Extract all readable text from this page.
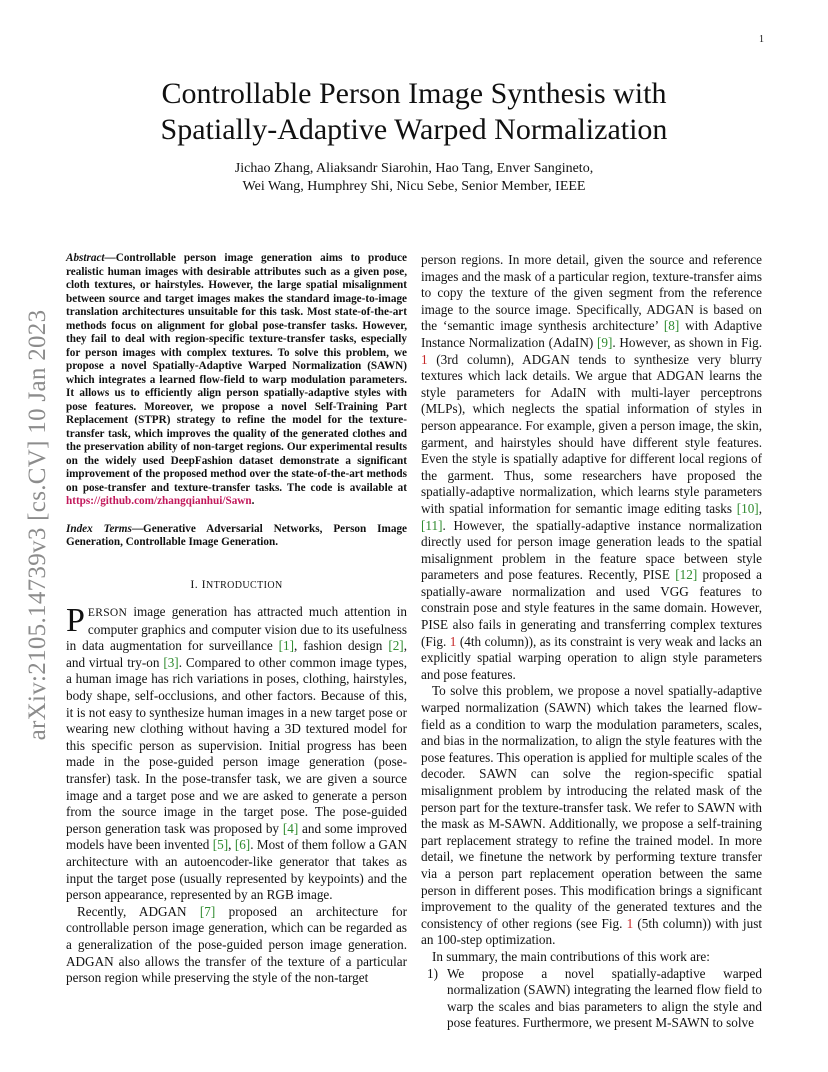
1
arXiv:2105.14739v3 [cs.CV] 10 Jan 2023
Controllable Person Image Synthesis with
Spatially-Adaptive Warped Normalization
Jichao Zhang, Aliaksandr Siarohin, Hao Tang, Enver Sangineto,
Wei Wang, Humphrey Shi, Nicu Sebe, Senior Member, IEEE

Abstract—Controllable person image generation aims to produce realistic human images with desirable attributes such as a given pose, cloth textures, or hairstyles. However, the large spatial misalignment between source and target images makes the standard image-to-image translation architectures unsuitable for this task. Most state-of-the-art methods focus on alignment for global pose-transfer tasks. However, they fail to deal with region-specific texture-transfer tasks, especially for person images with complex textures. To solve this problem, we propose a novel Spatially-Adaptive Warped Normalization (SAWN) which integrates a learned flow-field to warp modulation parameters. It allows us to efficiently align person spatially-adaptive styles with pose features. Moreover, we propose a novel Self-Training Part Replacement (STPR) strategy to refine the model for the texture-transfer task, which improves the quality of the generated clothes and the preservation ability of non-target regions. Our experimental results on the widely used DeepFashion dataset demonstrate a significant improvement of the proposed method over the state-of-the-art methods on pose-transfer and texture-transfer tasks. The code is available at https://github.com/zhangqianhui/Sawn.

Index Terms—Generative Adversarial Networks, Person Image Generation, Controllable Image Generation.

I. INTRODUCTION

PERSON image generation has attracted much attention in computer graphics and computer vision due to its usefulness in data augmentation for surveillance [1], fashion design [2], and virtual try-on [3]. Compared to other common image types, a human image has rich variations in poses, clothing, hairstyles, body shape, self-occlusions, and other factors. Because of this, it is not easy to synthesize human images in a new target pose or wearing new clothing without having a 3D textured model for this specific person as supervision. Initial progress has been made in the pose-guided person image generation (pose-transfer) task. In the pose-transfer task, we are given a source image and a target pose and we are asked to generate a person from the source image in the target pose. The pose-guided person generation task was proposed by [4] and some improved models have been invented [5], [6]. Most of them follow a GAN architecture with an autoencoder-like generator that takes as input the target pose (usually represented by keypoints) and the person appearance, represented by an RGB image.

Recently, ADGAN [7] proposed an architecture for controllable person image generation, which can be regarded as a generalization of the pose-guided person image generation. ADGAN also allows the transfer of the texture of a particular person region while preserving the style of the non-target

person regions. In more detail, given the source and reference images and the mask of a particular region, texture-transfer aims to copy the texture of the given segment from the reference image to the source image. Specifically, ADGAN is based on the ‘semantic image synthesis architecture’ [8] with Adaptive Instance Normalization (AdaIN) [9]. However, as shown in Fig. 1 (3rd column), ADGAN tends to synthesize very blurry textures which lack details. We argue that ADGAN learns the style parameters for AdaIN with multi-layer perceptrons (MLPs), which neglects the spatial information of styles in person appearance. For example, given a person image, the skin, garment, and hairstyles should have different style features. Even the style is spatially adaptive for different local regions of the garment. Thus, some researchers have proposed the spatially-adaptive normalization, which learns style parameters with spatial information for semantic image editing tasks [10], [11]. However, the spatially-adaptive instance normalization directly used for person image generation leads to the spatial misalignment problem in the feature space between style parameters and pose features. Recently, PISE [12] proposed a spatially-aware normalization and used VGG features to constrain pose and style features in the same domain. However, PISE also fails in generating and transferring complex textures (Fig. 1 (4th column)), as its constraint is very weak and lacks an explicitly spatial warping operation to align style parameters and pose features.

To solve this problem, we propose a novel spatially-adaptive warped normalization (SAWN) which takes the learned flow-field as a condition to warp the modulation parameters, scales, and bias in the normalization, to align the style features with the pose features. This operation is applied for multiple scales of the decoder. SAWN can solve the region-specific spatial misalignment problem by introducing the related mask of the person part for the texture-transfer task. We refer to SAWN with the mask as M-SAWN. Additionally, we propose a self-training part replacement strategy to refine the trained model. In more detail, we finetune the network by performing texture transfer via a person part replacement operation between the same person in different poses. This modification brings a significant improvement to the quality of the generated textures and the consistency of other regions (see Fig. 1 (5th column)) with just an 100-step optimization.

In summary, the main contributions of this work are:

1) We propose a novel spatially-adaptive warped normalization (SAWN) integrating the learned flow field to warp the scales and bias parameters to align the style and pose features. Furthermore, we present M-SAWN to solve
